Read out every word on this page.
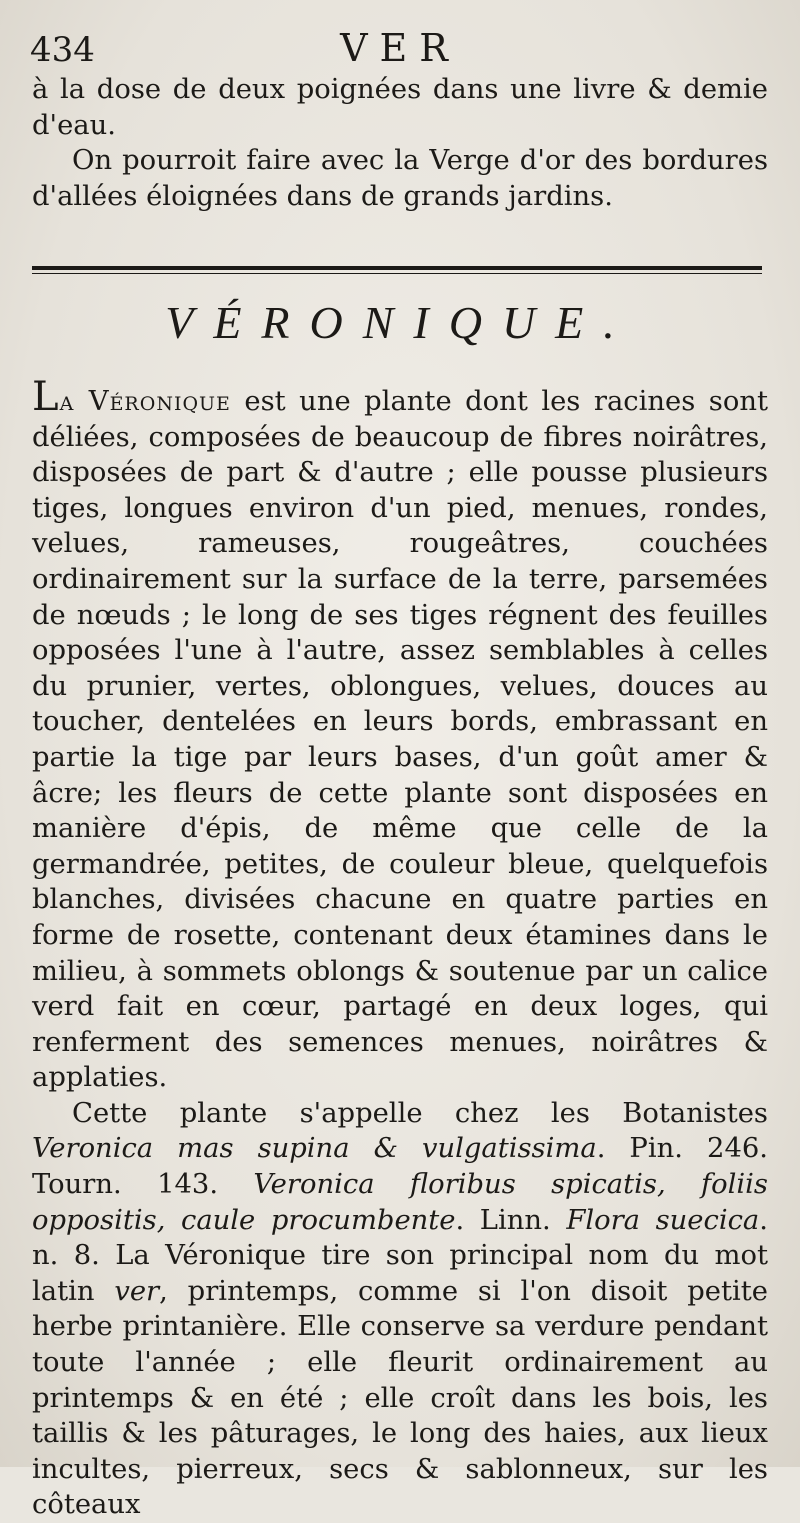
434	VER

à la dose de deux poignées dans une livre & demie d'eau.

On pourroit faire avec la Verge d'or des bordures d'allées éloignées dans de grands jardins.

VÉRONIQUE.

La Véronique est une plante dont les racines sont déliées, composées de beaucoup de fibres noirâtres, disposées de part & d'autre ; elle pousse plusieurs tiges, longues environ d'un pied, menues, rondes, velues, rameuses, rougeâtres, couchées ordinairement sur la surface de la terre, parsemées de nœuds ; le long de ses tiges régnent des feuilles opposées l'une à l'autre, assez semblables à celles du prunier, vertes, oblongues, velues, douces au toucher, dentelées en leurs bords, embrassant en partie la tige par leurs bases, d'un goût amer & âcre; les fleurs de cette plante sont disposées en manière d'épis, de même que celle de la germandrée, petites, de couleur bleue, quelquefois blanches, divisées chacune en quatre parties en forme de rosette, contenant deux étamines dans le milieu, à sommets oblongs & soutenue par un calice verd fait en cœur, partagé en deux loges, qui renferment des semences menues, noirâtres & applaties.

Cette plante s'appelle chez les Botanistes Veronica mas supina & vulgatissima. Pin. 246. Tourn. 143. Veronica floribus spicatis, foliis oppositis, caule procumbente. Linn. Flora suecica. n. 8. La Véronique tire son principal nom du mot latin ver, printemps, comme si l'on disoit petite herbe printanière. Elle conserve sa verdure pendant toute l'année ; elle fleurit ordinairement au printemps & en été ; elle croît dans les bois, les taillis & les pâturages, le long des haies, aux lieux incultes, pierreux, secs & sablonneux, sur les côteaux
